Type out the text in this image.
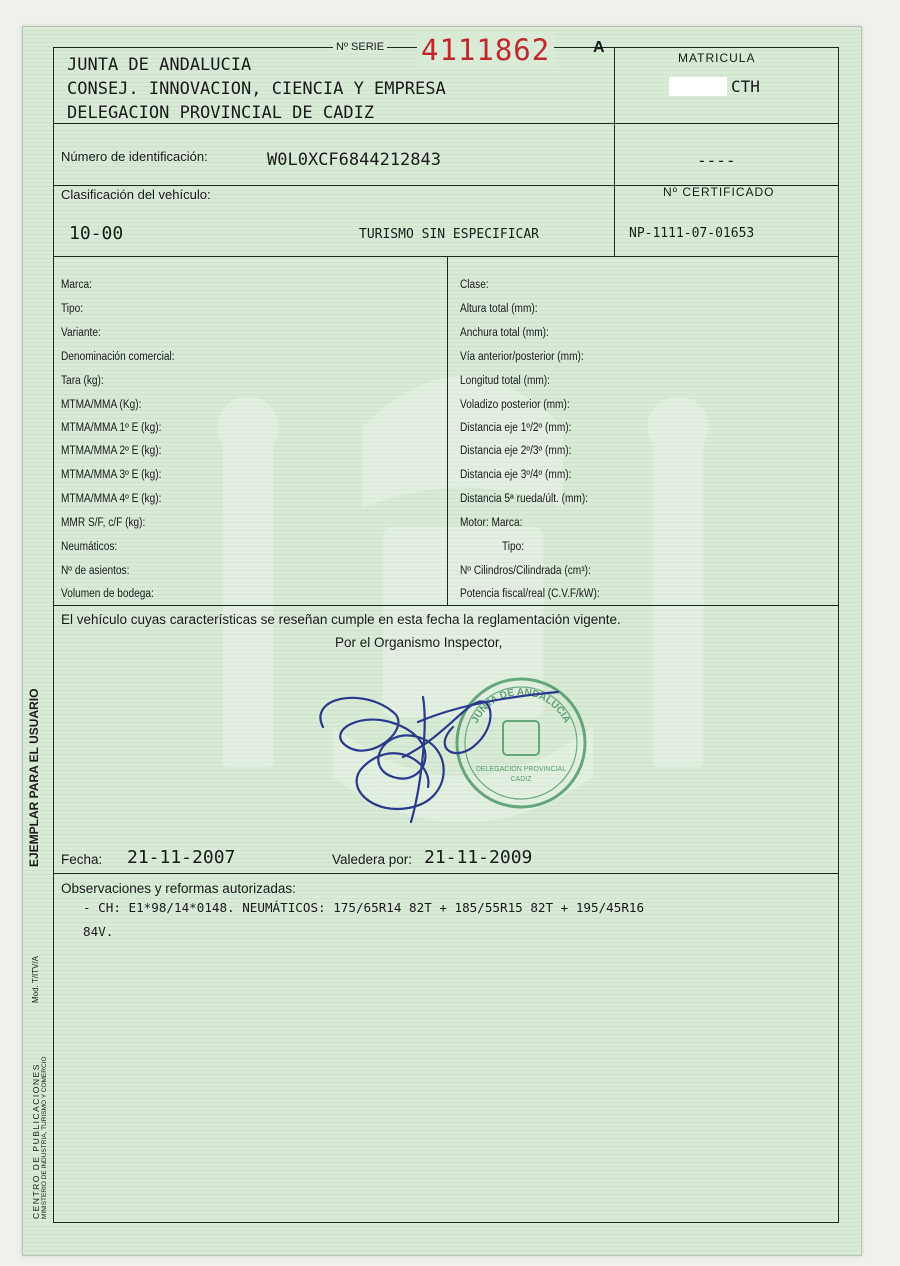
JUNTA DE ANDALUCIA
CONSEJ. INNOVACION, CIENCIA Y EMPRESA
DELEGACION PROVINCIAL DE CADIZ
Nº SERIE 4111862	A
MATRICULA
CTH
----
Número de identificación:	W0L0XCF6844212843
Clasificación del vehículo:
10-00	TURISMO SIN ESPECIFICAR
Nº CERTIFICADO
NP-1111-07-01653
Marca:
Tipo:
Variante:
Denominación comercial:
Tara (kg):
MTMA/MMA (Kg):
MTMA/MMA 1º E (kg):
MTMA/MMA 2º E (kg):
MTMA/MMA 3º E (kg):
MTMA/MMA 4º E (kg):
MMR S/F, c/F (kg):
Neumáticos:
Nº de asientos:
Volumen de bodega:
Clase:
Altura total (mm):
Anchura total (mm):
Vía anterior/posterior (mm):
Longitud total (mm):
Voladizo posterior (mm):
Distancia eje 1º/2º (mm):
Distancia eje 2º/3º (mm):
Distancia eje 3º/4º (mm):
Distancia 5ª rueda/últ. (mm):
Motor: Marca:
Tipo:
Nº Cilindros/Cilindrada (cm³):
Potencia fiscal/real (C.V.F/kW):
El vehículo cuyas características se reseñan cumple en esta fecha la reglamentación vigente.
Por el Organismo Inspector,
JUNTA DE ANDALUCIA
DELEGACIÓN PROVINCIAL
CADIZ
Fecha: 21-11-2007	Valedera por: 21-11-2009
Observaciones y reformas autorizadas:
- CH: E1*98/14*0148. NEUMÁTICOS: 175/65R14 82T + 185/55R15 82T + 195/45R16
84V.
EJEMPLAR PARA EL USUARIO
Mod. T/ITV/A
CENTRO DE PUBLICACIONES MINISTERIO DE INDUSTRIA, TURISMO Y COMERCIO
